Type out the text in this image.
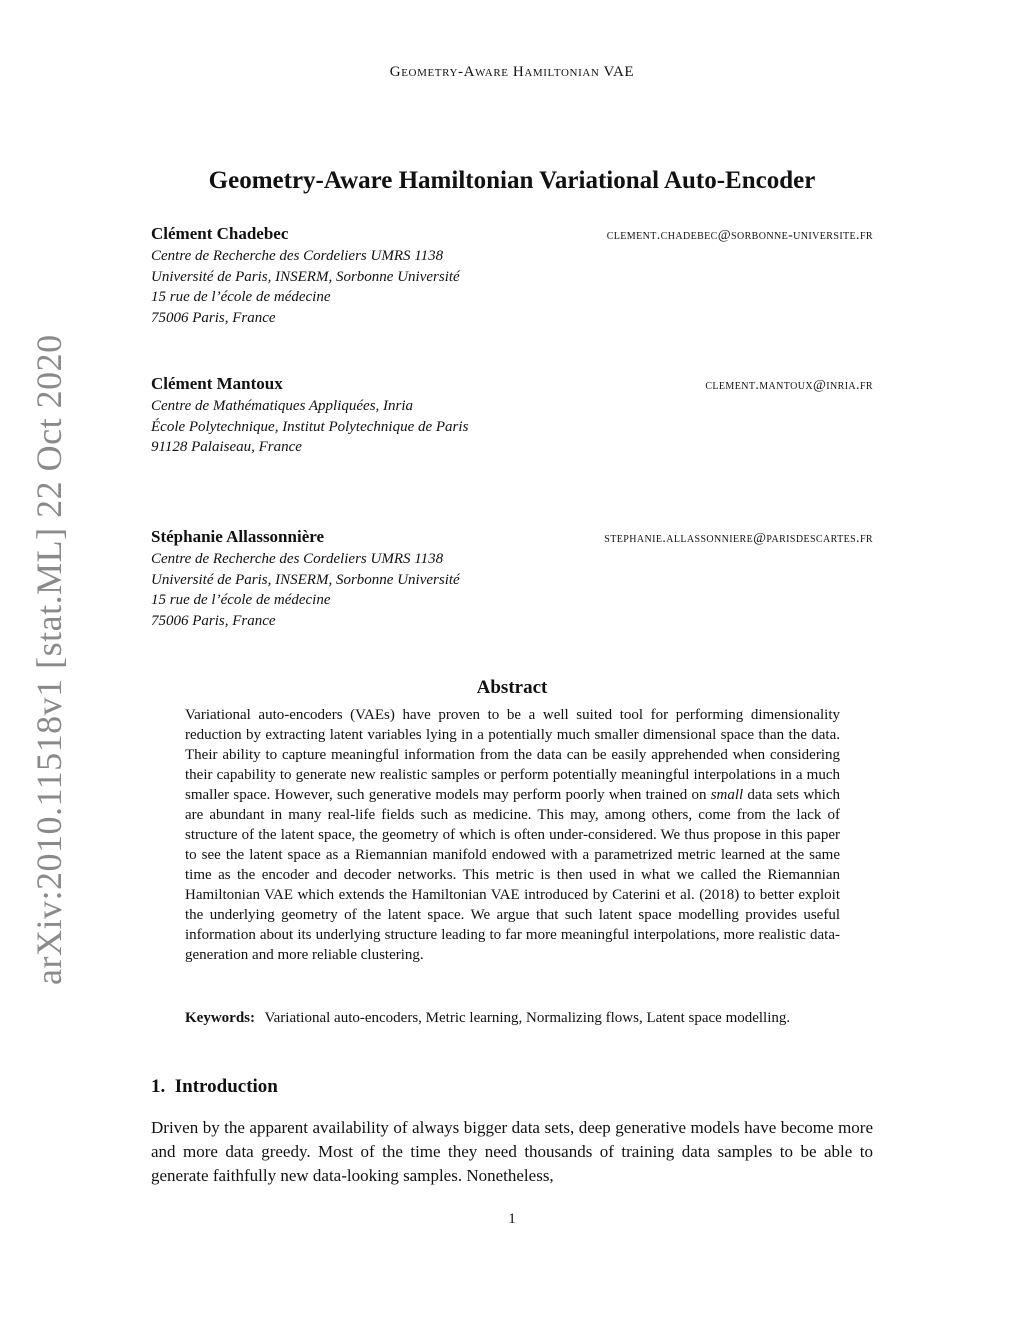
Geometry-Aware Hamiltonian VAE
Geometry-Aware Hamiltonian Variational Auto-Encoder
Clément Chadebec	clement.chadebec@sorbonne-universite.fr
Centre de Recherche des Cordeliers UMRS 1138
Université de Paris, INSERM, Sorbonne Université
15 rue de l’école de médecine
75006 Paris, France
Clément Mantoux	clement.mantoux@inria.fr
Centre de Mathématiques Appliquées, Inria
École Polytechnique, Institut Polytechnique de Paris
91128 Palaiseau, France
Stéphanie Allassonnière	stephanie.allassonniere@parisdescartes.fr
Centre de Recherche des Cordeliers UMRS 1138
Université de Paris, INSERM, Sorbonne Université
15 rue de l’école de médecine
75006 Paris, France
arXiv:2010.11518v1 [stat.ML] 22 Oct 2020	Abstract
Variational auto-encoders (VAEs) have proven to be a well suited tool for performing dimensionality reduction by extracting latent variables lying in a potentially much smaller dimensional space than the data. Their ability to capture meaningful information from the data can be easily apprehended when considering their capability to generate new realistic samples or perform potentially meaningful interpolations in a much smaller space. However, such generative models may perform poorly when trained on small data sets which are abundant in many real-life fields such as medicine. This may, among others, come from the lack of structure of the latent space, the geometry of which is often under-considered. We thus propose in this paper to see the latent space as a Riemannian manifold endowed with a parametrized metric learned at the same time as the encoder and decoder networks. This metric is then used in what we called the Riemannian Hamiltonian VAE which extends the Hamiltonian VAE introduced by Caterini et al. (2018) to better exploit the underlying geometry of the latent space. We argue that such latent space modelling provides useful information about its underlying structure leading to far more meaningful interpolations, more realistic data-generation and more reliable clustering.
Keywords: Variational auto-encoders, Metric learning, Normalizing flows, Latent space modelling.
1.  Introduction
Driven by the apparent availability of always bigger data sets, deep generative models have become more and more data greedy. Most of the time they need thousands of training data samples to be able to generate faithfully new data-looking samples. Nonetheless,
1
